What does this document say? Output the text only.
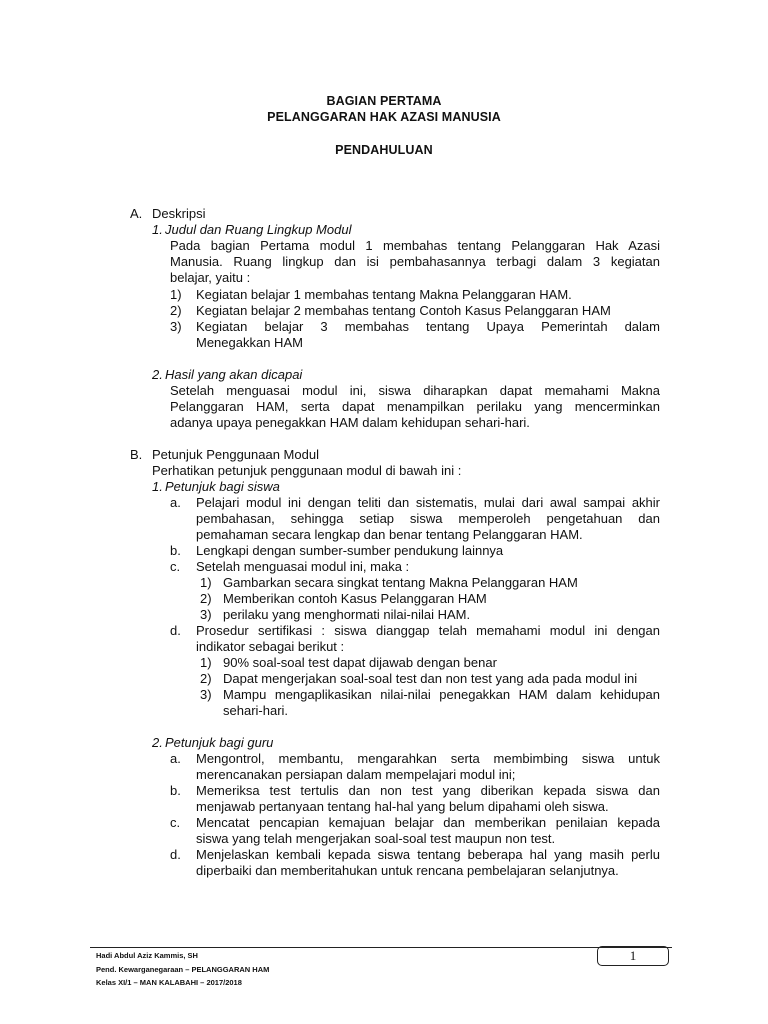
BAGIAN PERTAMA
PELANGGARAN HAK AZASI MANUSIA
PENDAHULUAN
A. Deskripsi
1. Judul dan Ruang Lingkup Modul
Pada bagian Pertama modul 1 membahas tentang Pelanggaran Hak Azasi
Manusia. Ruang lingkup dan isi pembahasannya terbagi dalam 3 kegiatan
belajar, yaitu :
1) Kegiatan belajar 1 membahas tentang Makna Pelanggaran HAM.
2) Kegiatan belajar 2 membahas tentang Contoh Kasus Pelanggaran HAM
3) Kegiatan belajar 3 membahas tentang Upaya Pemerintah dalam
Menegakkan HAM
2. Hasil yang akan dicapai
Setelah menguasai modul ini, siswa diharapkan dapat memahami Makna
Pelanggaran HAM, serta dapat menampilkan perilaku yang mencerminkan
adanya upaya penegakkan HAM dalam kehidupan sehari-hari.
B. Petunjuk Penggunaan Modul
Perhatikan petunjuk penggunaan modul di bawah ini :
1. Petunjuk bagi siswa
a. Pelajari modul ini dengan teliti dan sistematis, mulai dari awal sampai akhir
pembahasan, sehingga setiap siswa memperoleh pengetahuan dan
pemahaman secara lengkap dan benar tentang Pelanggaran HAM.
b. Lengkapi dengan sumber-sumber pendukung lainnya
c. Setelah menguasai modul ini, maka :
1) Gambarkan secara singkat tentang Makna Pelanggaran HAM
2) Memberikan contoh Kasus Pelanggaran HAM
3) perilaku yang menghormati nilai-nilai HAM.
d. Prosedur sertifikasi : siswa dianggap telah memahami modul ini dengan
indikator sebagai berikut :
1) 90% soal-soal test dapat dijawab dengan benar
2) Dapat mengerjakan soal-soal test dan non test yang ada pada modul ini
3) Mampu mengaplikasikan nilai-nilai penegakkan HAM dalam kehidupan
sehari-hari.
2. Petunjuk bagi guru
a. Mengontrol, membantu, mengarahkan serta membimbing siswa untuk
merencanakan persiapan dalam mempelajari modul ini;
b. Memeriksa test tertulis dan non test yang diberikan kepada siswa dan
menjawab pertanyaan tentang hal-hal yang belum dipahami oleh siswa.
c. Mencatat pencapian kemajuan belajar dan memberikan penilaian kepada
siswa yang telah mengerjakan soal-soal test maupun non test.
d. Menjelaskan kembali kepada siswa tentang beberapa hal yang masih perlu
diperbaiki dan memberitahukan untuk rencana pembelajaran selanjutnya.
1
Hadi Abdul Aziz Kammis, SH
Pend. Kewarganegaraan – PELANGGARAN HAM
Kelas XI/1 – MAN KALABAHI – 2017/2018
